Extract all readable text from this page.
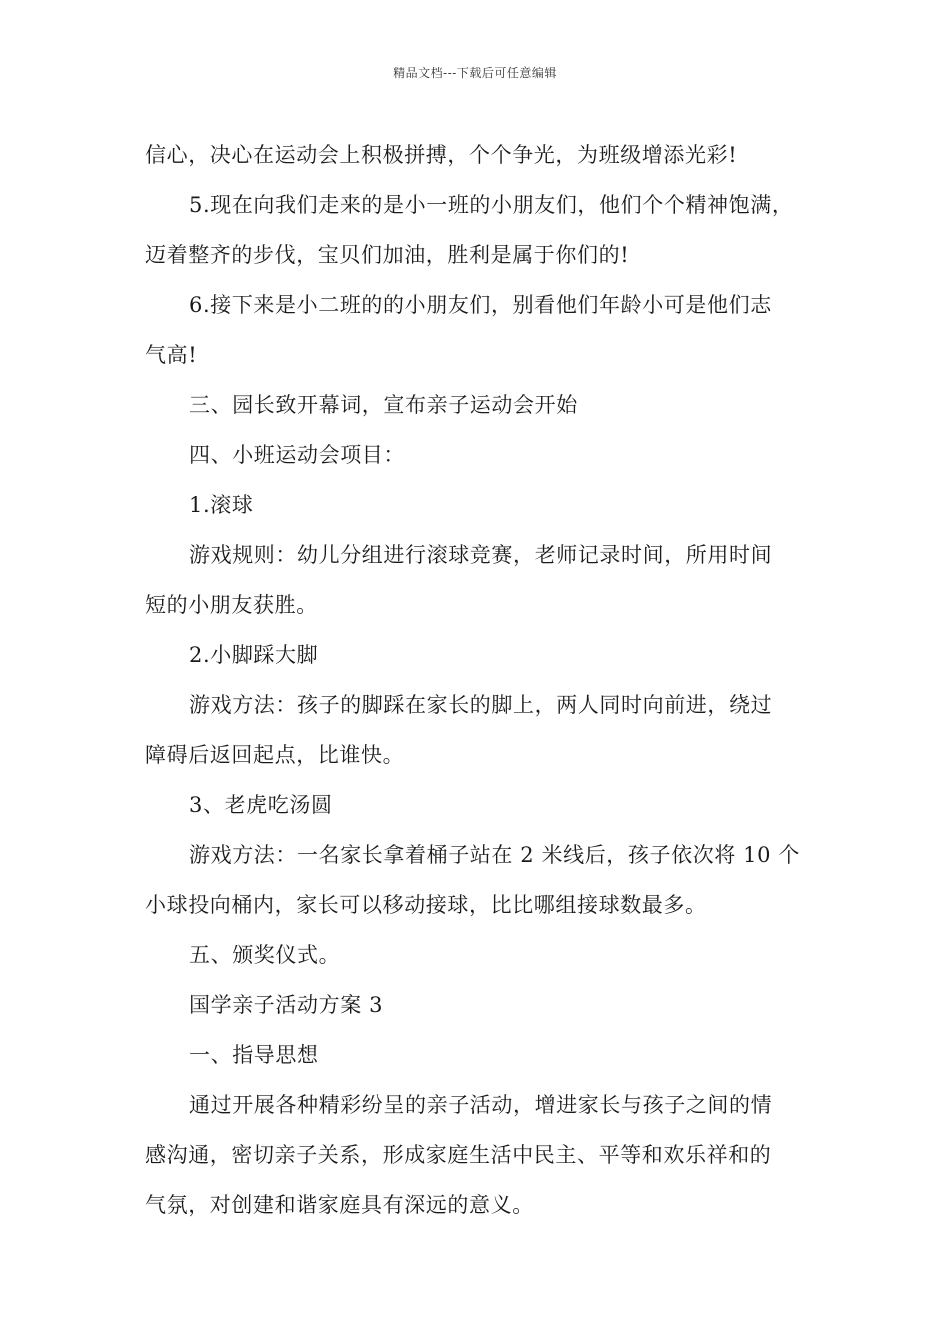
精品文档---下载后可任意编辑

信心，决心在运动会上积极拼搏，个个争光，为班级增添光彩!

5.现在向我们走来的是小一班的小朋友们，他们个个精神饱满，

迈着整齐的步伐，宝贝们加油，胜利是属于你们的!

6.接下来是小二班的的小朋友们，别看他们年龄小可是他们志

气高!

三、园长致开幕词，宣布亲子运动会开始

四、小班运动会项目：

1.滚球

游戏规则：幼儿分组进行滚球竞赛，老师记录时间，所用时间

短的小朋友获胜。

2.小脚踩大脚

游戏方法：孩子的脚踩在家长的脚上，两人同时向前进，绕过

障碍后返回起点，比谁快。

3、老虎吃汤圆

游戏方法：一名家长拿着桶子站在 2 米线后，孩子依次将 10 个

小球投向桶内，家长可以移动接球，比比哪组接球数最多。

五、颁奖仪式。

国学亲子活动方案 3

一、指导思想

通过开展各种精彩纷呈的亲子活动，增进家长与孩子之间的情

感沟通，密切亲子关系，形成家庭生活中民主、平等和欢乐祥和的

气氛，对创建和谐家庭具有深远的意义。
